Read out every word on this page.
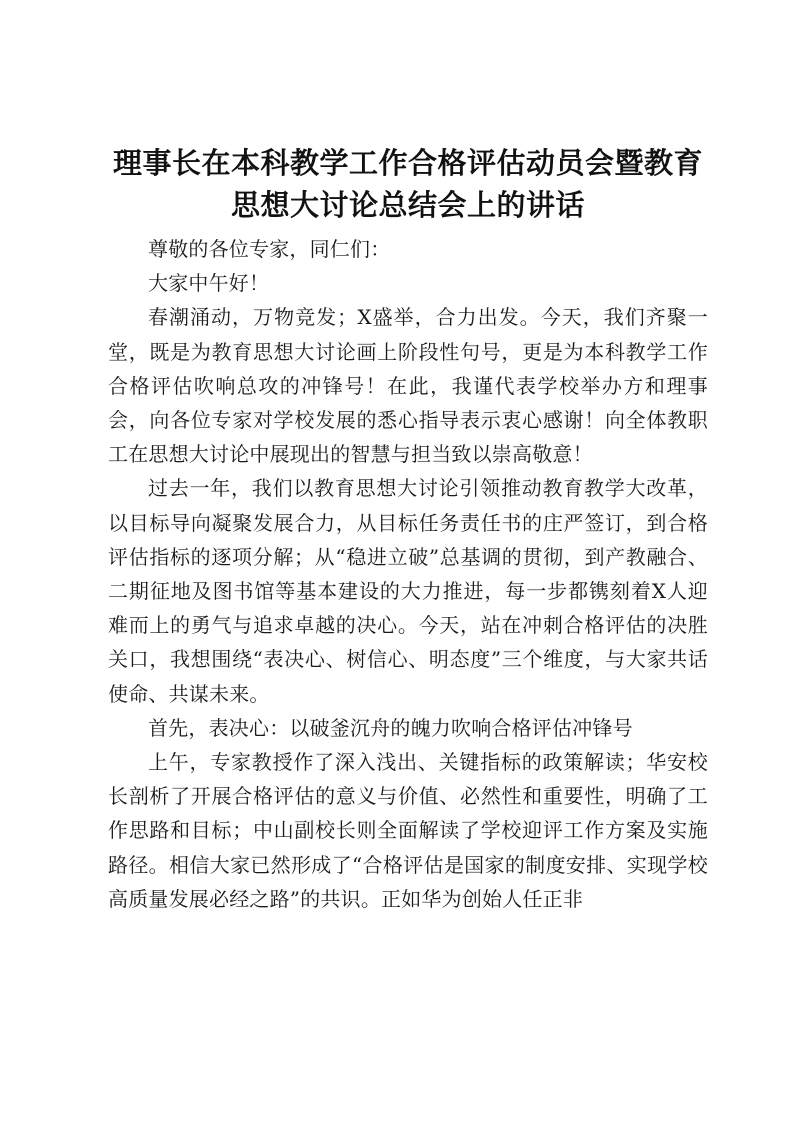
理事长在本科教学工作合格评估动员会暨教育
思想大讨论总结会上的讲话

尊敬的各位专家，同仁们：

大家中午好！

春潮涌动，万物竞发；X盛举，合力出发。今天，我们齐聚一堂，既是为教育思想大讨论画上阶段性句号，更是为本科教学工作合格评估吹响总攻的冲锋号！在此，我谨代表学校举办方和理事会，向各位专家对学校发展的悉心指导表示衷心感谢！向全体教职工在思想大讨论中展现出的智慧与担当致以崇高敬意！

过去一年，我们以教育思想大讨论引领推动教育教学大改革，以目标导向凝聚发展合力，从目标任务责任书的庄严签订，到合格评估指标的逐项分解；从“稳进立破”总基调的贯彻，到产教融合、二期征地及图书馆等基本建设的大力推进，每一步都镌刻着X人迎难而上的勇气与追求卓越的决心。今天，站在冲刺合格评估的决胜关口，我想围绕“表决心、树信心、明态度”三个维度，与大家共话使命、共谋未来。

首先，表决心：以破釜沉舟的魄力吹响合格评估冲锋号

上午，专家教授作了深入浅出、关键指标的政策解读；华安校长剖析了开展合格评估的意义与价值、必然性和重要性，明确了工作思路和目标；中山副校长则全面解读了学校迎评工作方案及实施路径。相信大家已然形成了“合格评估是国家的制度安排、实现学校高质量发展必经之路”的共识。正如华为创始人任正非
